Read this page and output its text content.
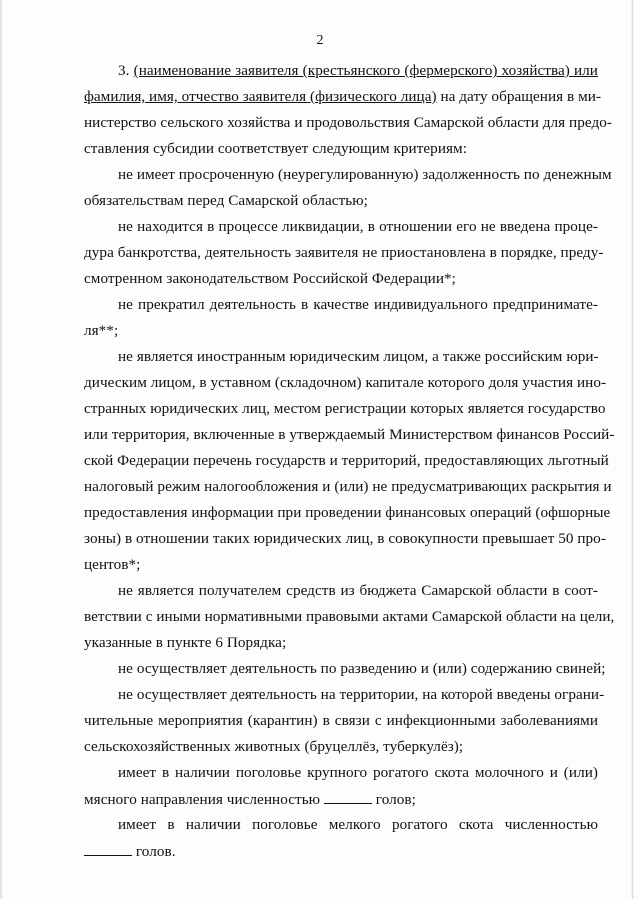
2
3. (наименование заявителя (крестьянского (фермерского) хозяйства) или
фамилия, имя, отчество заявителя (физического лица) на дату обращения в ми-
нистерство сельского хозяйства и продовольствия Самарской области для предо-
ставления субсидии соответствует следующим критериям:
не имеет просроченную (неурегулированную) задолженность по денежным
обязательствам перед Самарской областью;
не находится в процессе ликвидации, в отношении его не введена проце-
дура банкротства, деятельность заявителя не приостановлена в порядке, преду-
смотренном законодательством Российской Федерации*;
не прекратил деятельность в качестве индивидуального предпринимате-
ля**;
не является иностранным юридическим лицом, а также российским юри-
дическим лицом, в уставном (складочном) капитале которого доля участия ино-
странных юридических лиц, местом регистрации которых является государство
или территория, включенные в утверждаемый Министерством финансов Россий-
ской Федерации перечень государств и территорий, предоставляющих льготный
налоговый режим налогообложения и (или) не предусматривающих раскрытия и
предоставления информации при проведении финансовых операций (офшорные
зоны) в отношении таких юридических лиц, в совокупности превышает 50 про-
центов*;
не является получателем средств из бюджета Самарской области в соот-
ветствии с иными нормативными правовыми актами Самарской области на цели,
указанные в пункте 6 Порядка;
не осуществляет деятельность по разведению и (или) содержанию свиней;
не осуществляет деятельность на территории, на которой введены ограни-
чительные мероприятия (карантин) в связи с инфекционными заболеваниями
сельскохозяйственных животных (бруцеллёз, туберкулёз);
имеет в наличии поголовье крупного рогатого скота молочного и (или)
мясного направления численностью	голов;
имеет в наличии поголовье мелкого рогатого скота численностью
голов.
